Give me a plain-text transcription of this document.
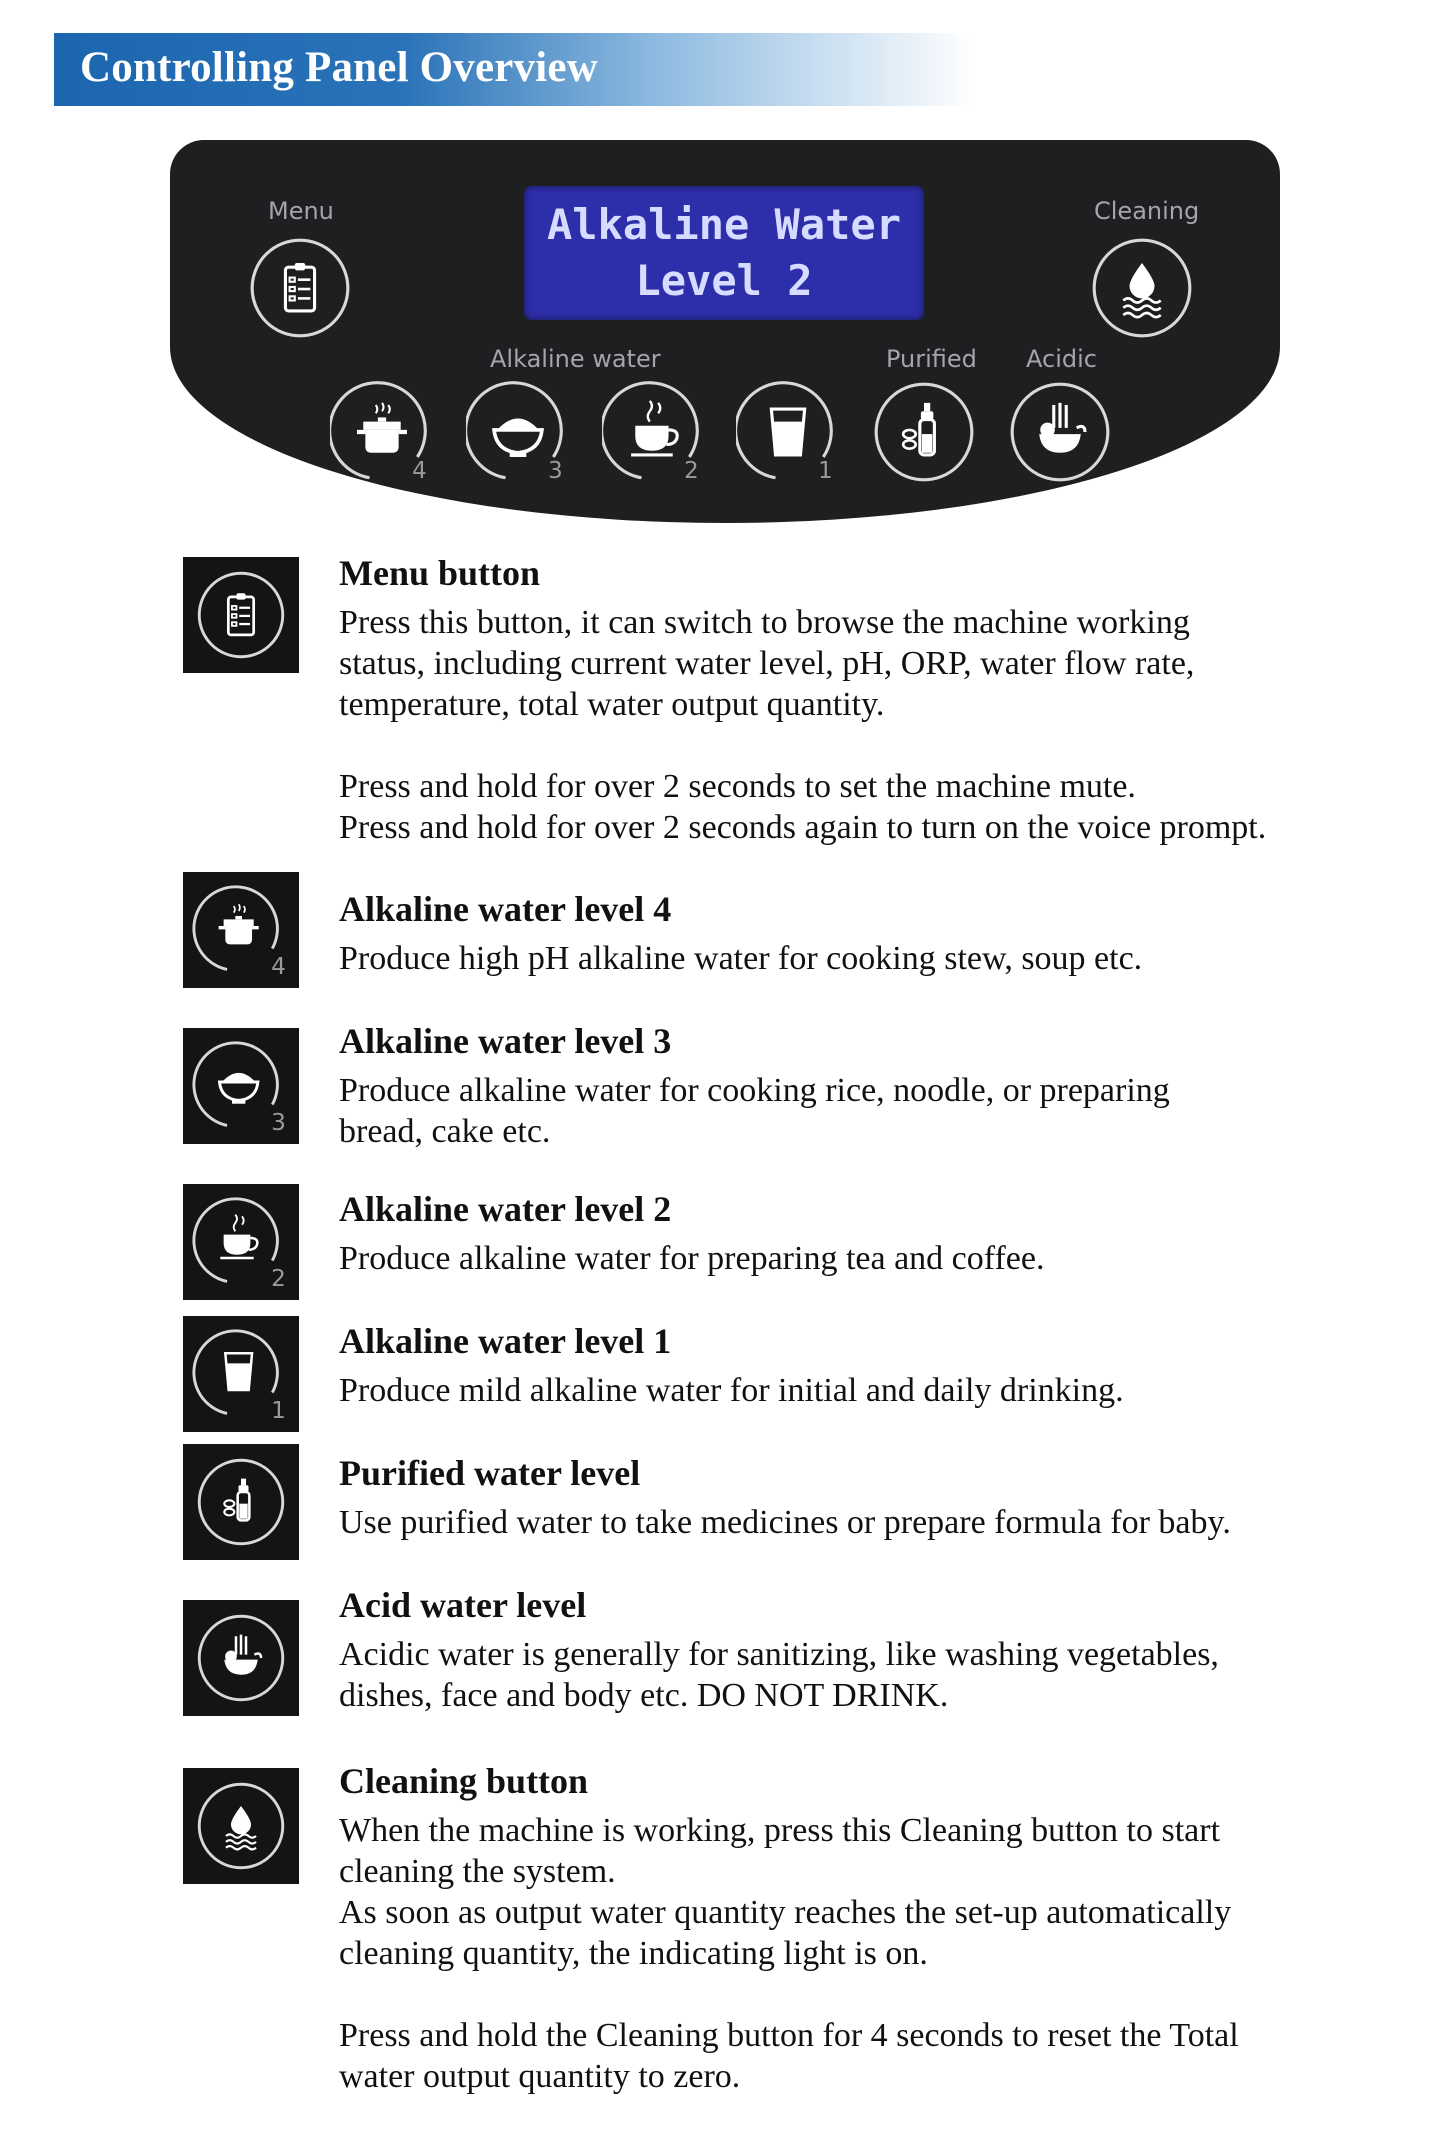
Controlling Panel Overview
Menu	Cleaning
Alkaline water	Purified Acidic
Alkaline Water
Level 2
4	3	2	1
Menu button

Press this button, it can switch to browse the machine working
status, including current water level, pH, ORP, water flow rate,
temperature, total water output quantity.

Press and hold for over 2 seconds to set the machine mute.
Press and hold for over 2 seconds again to turn on the voice prompt.

4
Alkaline water level 4

Produce high pH alkaline water for cooking stew, soup etc.

3
Alkaline water level 3

Produce alkaline water for cooking rice, noodle, or preparing
bread, cake etc.

2
Alkaline water level 2

Produce alkaline water for preparing tea and coffee.

1
Alkaline water level 1

Produce mild alkaline water for initial and daily drinking.

Purified water level

Use purified water to take medicines or prepare formula for baby.

Acid water level

Acidic water is generally for sanitizing, like washing vegetables,
dishes, face and body etc. DO NOT DRINK.

Cleaning button

When the machine is working, press this Cleaning button to start
cleaning the system.
As soon as output water quantity reaches the set-up automatically
cleaning quantity, the indicating light is on.

Press and hold the Cleaning button for 4 seconds to reset the Total
water output quantity to zero.
